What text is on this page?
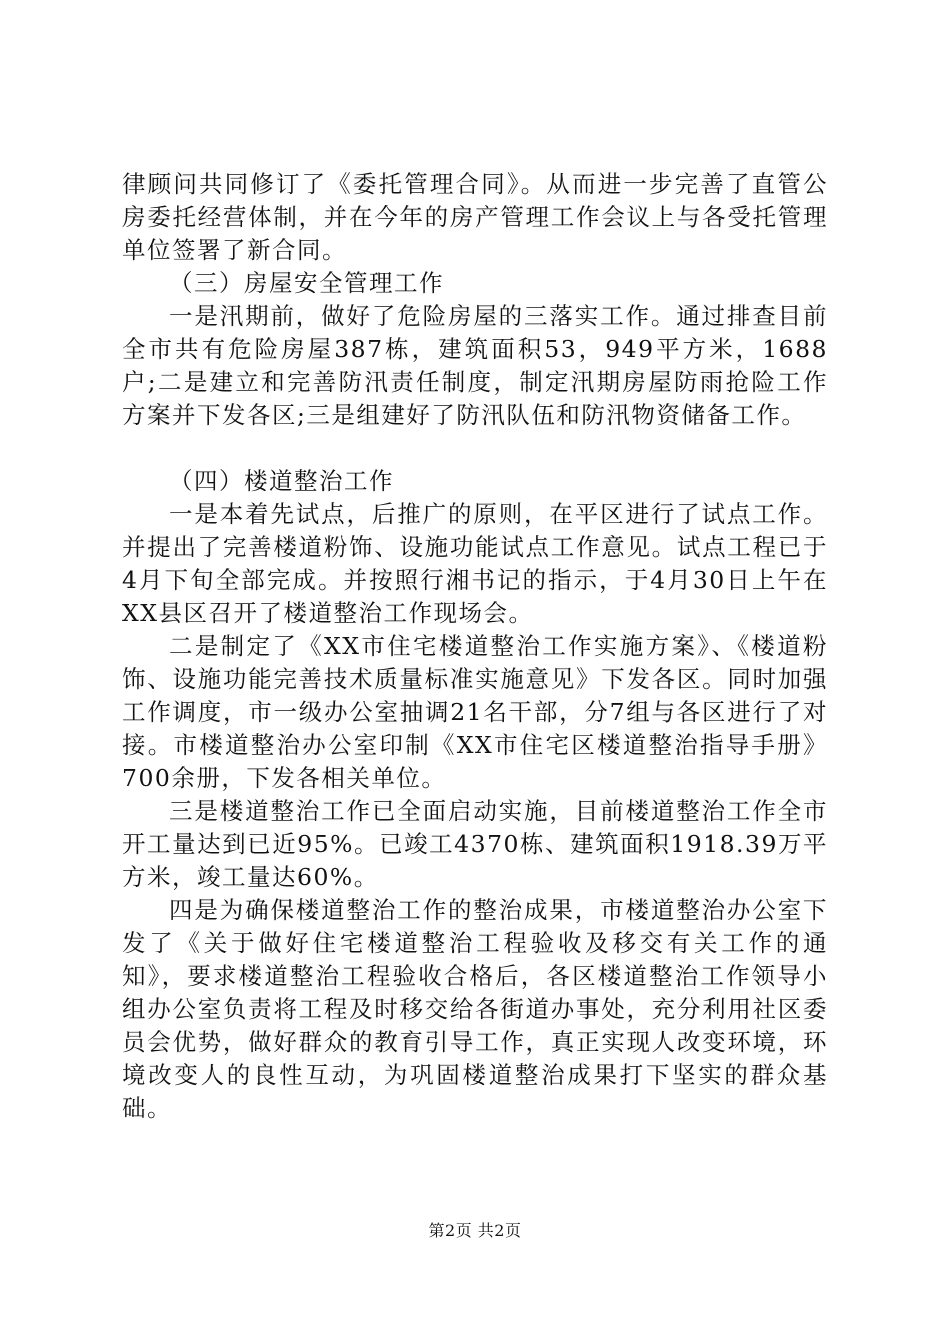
律顾问共同修订了《委托管理合同》。从而进一步完善了直管公房委托经营体制，并在今年的房产管理工作会议上与各受托管理单位签署了新合同。

（三）房屋安全管理工作

一是汛期前，做好了危险房屋的三落实工作。通过排查目前全市共有危险房屋387栋，建筑面积53，949平方米，1688户;二是建立和完善防汛责任制度，制定汛期房屋防雨抢险工作方案并下发各区;三是组建好了防汛队伍和防汛物资储备工作。

（四）楼道整治工作

一是本着先试点，后推广的原则，在平区进行了试点工作。并提出了完善楼道粉饰、设施功能试点工作意见。试点工程已于4月下旬全部完成。并按照行湘书记的指示，于4月30日上午在XX县区召开了楼道整治工作现场会。

二是制定了《XX市住宅楼道整治工作实施方案》、《楼道粉饰、设施功能完善技术质量标准实施意见》下发各区。同时加强工作调度，市一级办公室抽调21名干部，分7组与各区进行了对接。市楼道整治办公室印制《XX市住宅区楼道整治指导手册》700余册，下发各相关单位。

三是楼道整治工作已全面启动实施，目前楼道整治工作全市开工量达到已近95%。已竣工4370栋、建筑面积1918.39万平方米，竣工量达60%。

四是为确保楼道整治工作的整治成果，市楼道整治办公室下发了《关于做好住宅楼道整治工程验收及移交有关工作的通知》，要求楼道整治工程验收合格后，各区楼道整治工作领导小组办公室负责将工程及时移交给各街道办事处，充分利用社区委员会优势，做好群众的教育引导工作，真正实现人改变环境，环境改变人的良性互动，为巩固楼道整治成果打下坚实的群众基础。

第2页 共2页
